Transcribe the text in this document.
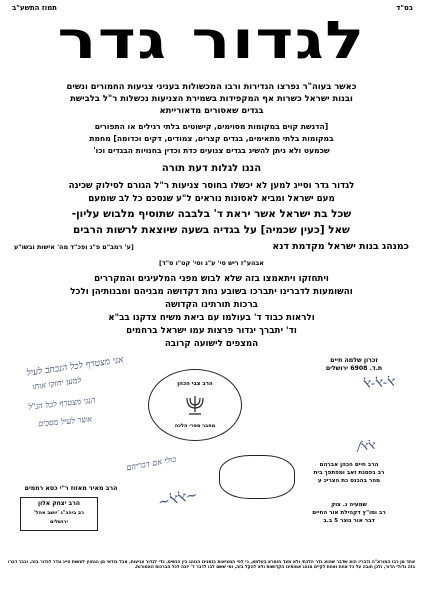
בס"ד
תמוז התשע"ב
לגדור גדר
כאשר בעוה"ר נפרצו הגדירות ורבו המכשולות בעניני צניעות החמורים ונשים
ובנות ישראל כשרות אף המקפידות בשמירת הצניעות נכשלות ר"ל בלבישת
בגדים שאסורים מדאורייתא
[הדגשת קוים במקומות מסוימים, קישוטים בלתי רגילים או התפורים
במקומות בלתי מתאימים, בגדים קצרים, צמודים, דקים וכדומה] מחמת
שכמעט ולא ניתן להשיג בגדים צנועים כדת וכדין בחנויות הבגדים וכו'
הננו לגלות דעת תורה
לגדור גדר וסייג למען לא יכשלו בחוסר צניעות ר"ל הגורם לסילוק שכינה
מעם ישראל ומביא לאסונות נוראים ל"ע שנסכם כל לב שומעם
שכל בת ישראל אשר יראת ד' בלבבה שתוסיף מלבוש עליון-
שאל [כעין שכמיה] על בגדיה בשעה שיוצאת לרשות הרבים
כמנהג בנות ישראל מקדמת דנא
[ע' רמב"ם פ"ג ופכ"ד מה' אישות ובשו"ע
אבהע"ז ריש סי' ע"ג וסי' קט"ו ס"ד]
ויתחזקו ויתאמצו בזה שלא לבוש מפני המלעיגים והמקררים
והשומעות לדברינו יתברכו בשובע נחת דקדושה מבניהם ומבנותיהן ולכל
ברכות תורתינו הקדושה
ולראות כבוד ד' בעולמו עם ביאת משיח צדקנו בב"א
וד' יתברך יגדור פרצות עמו ישראל ברחמים
המצפים לישועה קרובה
זכרון שלמה חיים
ת.ד. 6908 ירושלים
ﭏ-ﭏ-ﭏ
הרב צבי הכהן
מחבר ספרי הלכה
אני מצטרף לכל הנכתב לעיל
למען יחזקו אותו
הנני מצטרף לכל הנ"ל
אשר לעיל מסכים
הרב מאיר מאזוז ר"י כסא רחמים
הרב יצחק אלון
רב ביהכ"נ 'יושב אהל'
ירושלים
כולי אם דבריהם
~ﭏﭏ~
הרב חיים הכהן אברהם
רב בפסגת זאב ומפתפך בית
מהר בהכנס כת הצריכ ע
שמעיה נ. צוק
רב ומו"ץ דקהילת אור החיים
דבר אור נוצר 5 ב.ב
ﭏﭏ/
אחד מן רבו המורא"ה ודבריו הוא שדבר שהוא גדר הלכתי ולא מצד חומרא בעלמא, כי לפי המציאות בזמנינו הנוהג בין הנשים, כדי לגדור צניעות, אבל בודאי מן הנחוץ לעשות סייג וגדר לגדור בזה, וכבר דברו בזה גדולי הדור, ולכן חובה על כל אחת ואחת לקיים מנהג אמותינו הקדושות ולא להקל בזה, ומי ששם לבו לדבר ד' יזכה לכל הברכות האמורות.
